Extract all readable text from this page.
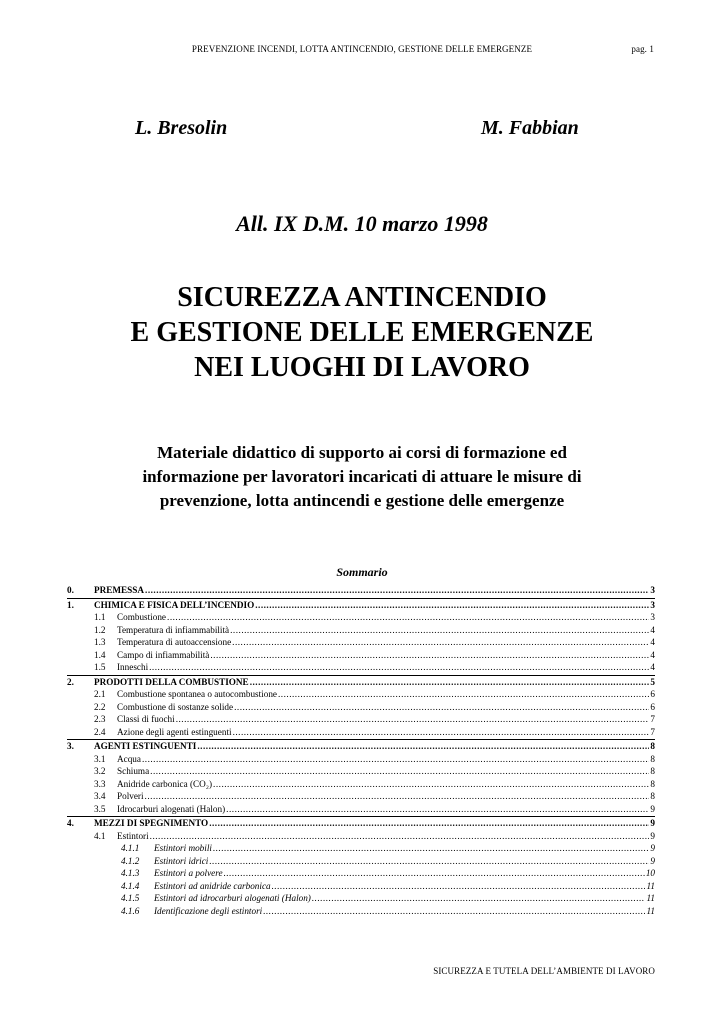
PREVENZIONE INCENDI, LOTTA ANTINCENDIO, GESTIONE DELLE EMERGENZE	pag. 1
L. Bresolin	M. Fabbian
All. IX D.M. 10 marzo 1998
SICUREZZA ANTINCENDIO
E GESTIONE DELLE EMERGENZE
NEI LUOGHI DI LAVORO
Materiale didattico di supporto ai corsi di formazione ed
informazione per lavoratori incaricati di attuare le misure di
prevenzione, lotta antincendi e gestione delle emergenze
Sommario
0.	PREMESSA .....	3
1.	CHIMICA E FISICA DELL’INCENDIO .....	3
1.1	Combustione .....	3
1.2	Temperatura di infiammabilità .....	4
1.3	Temperatura di autoaccensione .....	4
1.4	Campo di infiammabilità .....	4
1.5	Inneschi .....	4
2.	PRODOTTI DELLA COMBUSTIONE .....	5
2.1	Combustione spontanea o autocombustione .....	6
2.2	Combustione di sostanze solide .....	6
2.3	Classi di fuochi .....	7
2.4	Azione degli agenti estinguenti .....	7
3.	AGENTI ESTINGUENTI .....	8
3.1	Acqua .....	8
3.2	Schiuma .....	8
3.3	Anidride carbonica (CO₂) .....	8
3.4	Polveri .....	8
3.5	Idrocarburi alogenati (Halon) .....	9
4.	MEZZI DI SPEGNIMENTO .....	9
4.1	Estintori .....	9
4.1.1	Estintori mobili .....	9
4.1.2	Estintori idrici .....	9
4.1.3	Estintori a polvere .....	10
4.1.4	Estintori ad anidride carbonica .....	11
4.1.5	Estintori ad idrocarburi alogenati (Halon) .....	11
4.1.6	Identificazione degli estintori .....	11
SICUREZZA E TUTELA DELL’AMBIENTE DI LAVORO
